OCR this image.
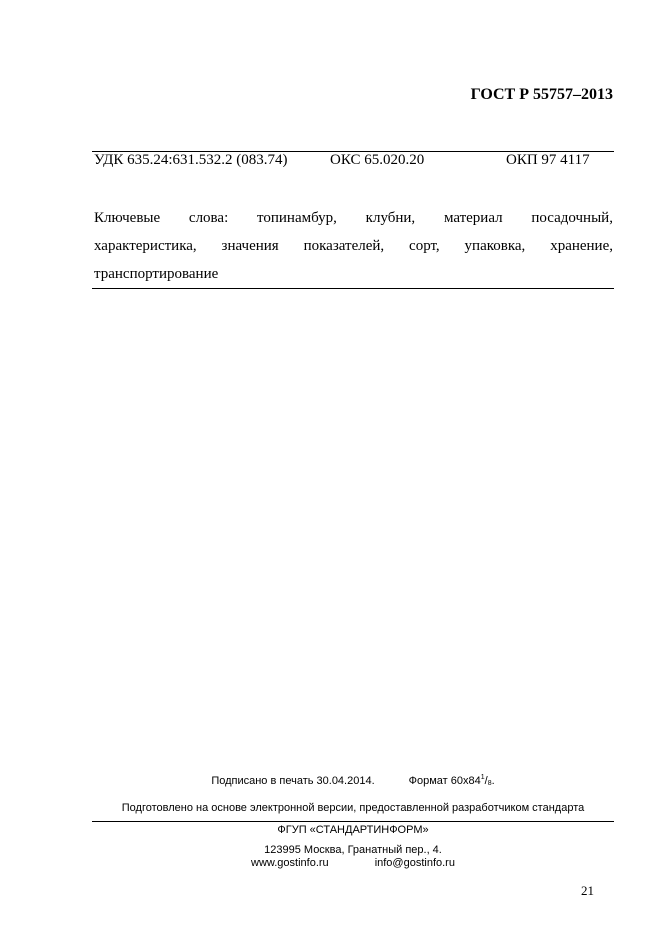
ГОСТ Р 55757–2013
УДК 635.24:631.532.2 (083.74)	ОКС 65.020.20	ОКП 97 4117
Ключевые слова: топинамбур, клубни, материал посадочный,
характеристика, значения показателей, сорт, упаковка, хранение,
транспортирование
Подписано в печать 30.04.2014.	Формат $60х84^1/_8$.
Подготовлено на основе электронной версии, предоставленной разработчиком стандарта
ФГУП «СТАНДАРТИНФОРМ»
123995 Москва, Гранатный пер., 4.
www.gostinfo.ru	info@gostinfo.ru
21
